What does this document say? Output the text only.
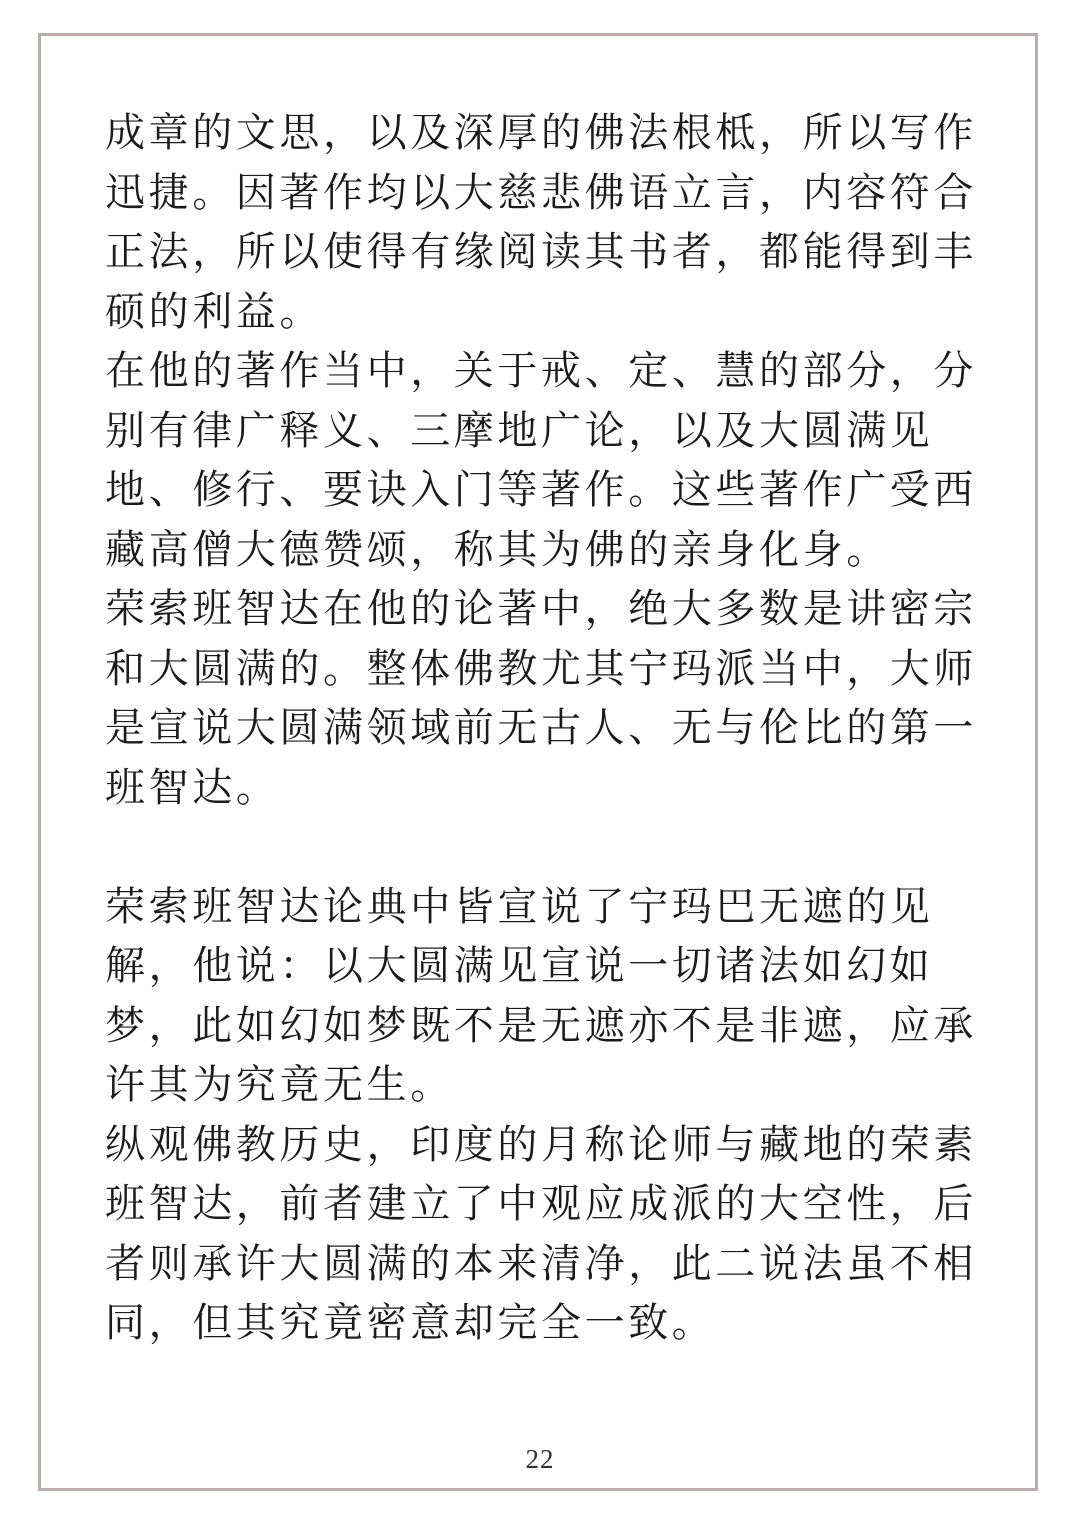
成章的文思，以及深厚的佛法根柢，所以写作
迅捷。因著作均以大慈悲佛语立言，内容符合
正法，所以使得有缘阅读其书者，都能得到丰
硕的利益。

在他的著作当中，关于戒、定、慧的部分，分
别有律广释义、三摩地广论，以及大圆满见
地、修行、要诀入门等著作。这些著作广受西
藏高僧大德赞颂，称其为佛的亲身化身。

荣索班智达在他的论著中，绝大多数是讲密宗
和大圆满的。整体佛教尤其宁玛派当中，大师
是宣说大圆满领域前无古人、无与伦比的第一
班智达。

荣索班智达论典中皆宣说了宁玛巴无遮的见
解，他说：以大圆满见宣说一切诸法如幻如
梦，此如幻如梦既不是无遮亦不是非遮，应承
许其为究竟无生。

纵观佛教历史，印度的月称论师与藏地的荣素
班智达，前者建立了中观应成派的大空性，后
者则承许大圆满的本来清净，此二说法虽不相
同，但其究竟密意却完全一致。

22
